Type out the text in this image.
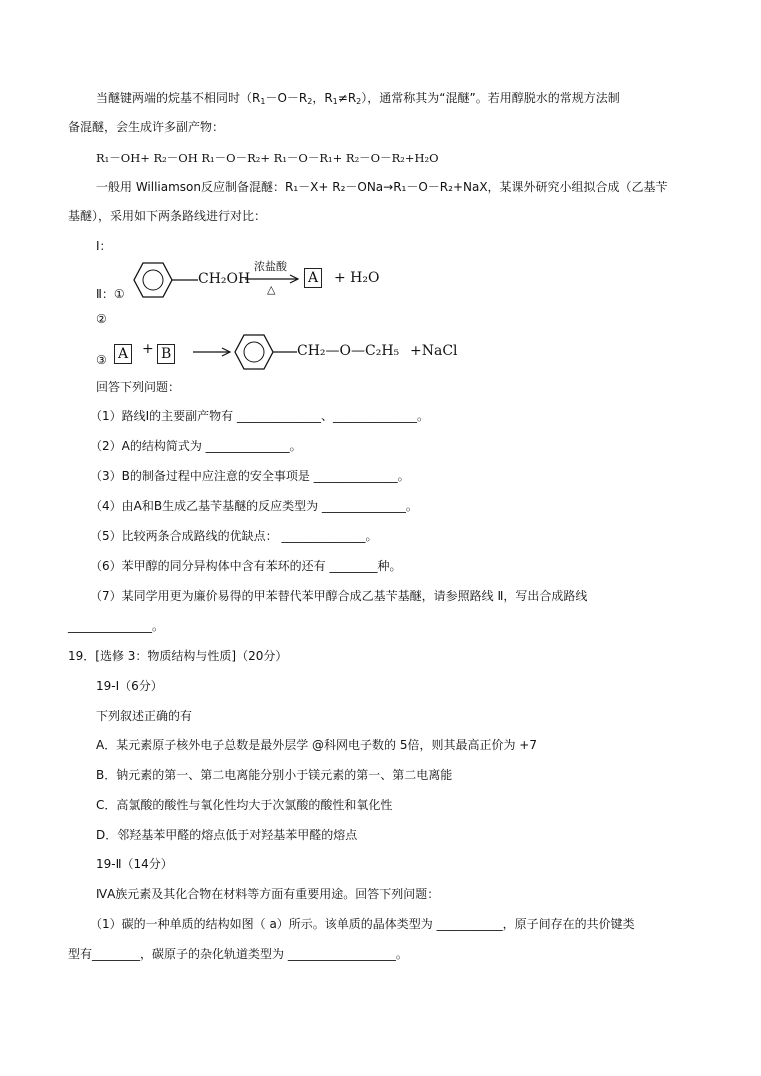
当醚键两端的烷基不相同时（$R_1-O-R_2$，$R_1\ne R_2$），通常称其为“混醚”。若用醇脱水的常规方法制
备混醚，会生成许多副产物：
R₁－OH+ R₂－OH R₁－O－R₂+ R₁－O－R₁+ R₂－O－R₂+H₂O
一般用 Williamson反应制备混醚：R₁－X+ R₂－ONa→R₁－O－R₂+NaX，某课外研究小组拟合成（乙基苄
基醚），采用如下两条路线进行对比：
Ⅰ：
Ⅱ：①
CH₂OH
浓盐酸
△
A + H₂O
②
③ A + B	CH₂—O—C₂H₅ +NaCl
回答下列问题：
（1）路线Ⅰ的主要副产物有 ______________、______________。
（2）A的结构简式为 ______________。
（3）B的制备过程中应注意的安全事项是 ______________。
（4）由A和B生成乙基苄基醚的反应类型为 ______________。
（5）比较两条合成路线的优缺点： ______________。
（6）苯甲醇的同分异构体中含有苯环的还有 ________种。
（7）某同学用更为廉价易得的甲苯替代苯甲醇合成乙基苄基醚，请参照路线 Ⅱ，写出合成路线
______________。
19．[选修 3：物质结构与性质]（20分）
19-Ⅰ（6分）
下列叙述正确的有
A．某元素原子核外电子总数是最外层学 @科网电子数的 5倍，则其最高正价为 +7
B．钠元素的第一、第二电离能分别小于镁元素的第一、第二电离能
C．高氯酸的酸性与氧化性均大于次氯酸的酸性和氧化性
D．邻羟基苯甲醛的熔点低于对羟基苯甲醛的熔点
19-Ⅱ（14分）
ⅣA族元素及其化合物在材料等方面有重要用途。回答下列问题：
（1）碳的一种单质的结构如图（ a）所示。该单质的晶体类型为 ___________，原子间存在的共价键类
型有________，碳原子的杂化轨道类型为 __________________。
